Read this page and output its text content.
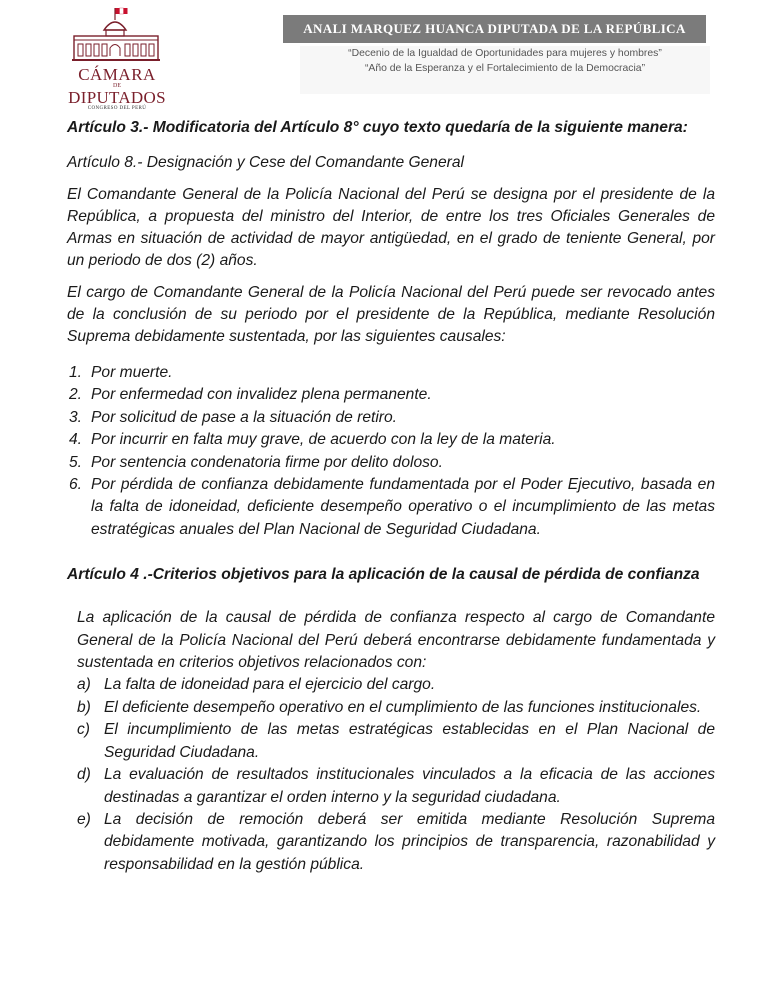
CÁMARA
DE
DIPUTADOS
CONGRESO DEL PERÚ
ANALI MARQUEZ HUANCA DIPUTADA DE LA REPÚBLICA
“Decenio de la Igualdad de Oportunidades para mujeres y hombres”
“Año de la Esperanza y el Fortalecimiento de la Democracia”

Artículo 3.- Modificatoria del Artículo 8° cuyo texto quedaría de la siguiente manera:

Artículo 8.- Designación y Cese del Comandante General

El Comandante General de la Policía Nacional del Perú se designa por el presidente de la República, a propuesta del ministro del Interior, de entre los tres Oficiales Generales de Armas en situación de actividad de mayor antigüedad, en el grado de teniente General, por un periodo de dos (2) años.

El cargo de Comandante General de la Policía Nacional del Perú puede ser revocado antes de la conclusión de su periodo por el presidente de la República, mediante Resolución Suprema debidamente sustentada, por las siguientes causales:

1. Por muerte.
2. Por enfermedad con invalidez plena permanente.
3. Por solicitud de pase a la situación de retiro.
4. Por incurrir en falta muy grave, de acuerdo con la ley de la materia.
5. Por sentencia condenatoria firme por delito doloso.
6. Por pérdida de confianza debidamente fundamentada por el Poder Ejecutivo, basada en la falta de idoneidad, deficiente desempeño operativo o el incumplimiento de las metas estratégicas anuales del Plan Nacional de Seguridad Ciudadana.

Artículo 4 .-Criterios objetivos para la aplicación de la causal de pérdida de confianza

La aplicación de la causal de pérdida de confianza respecto al cargo de Comandante General de la Policía Nacional del Perú deberá encontrarse debidamente fundamentada y sustentada en criterios objetivos relacionados con:

a) La falta de idoneidad para el ejercicio del cargo.
b) El deficiente desempeño operativo en el cumplimiento de las funciones institucionales.
c) El incumplimiento de las metas estratégicas establecidas en el Plan Nacional de Seguridad Ciudadana.
d) La evaluación de resultados institucionales vinculados a la eficacia de las acciones destinadas a garantizar el orden interno y la seguridad ciudadana.
e) La decisión de remoción deberá ser emitida mediante Resolución Suprema debidamente motivada, garantizando los principios de transparencia, razonabilidad y responsabilidad en la gestión pública.
